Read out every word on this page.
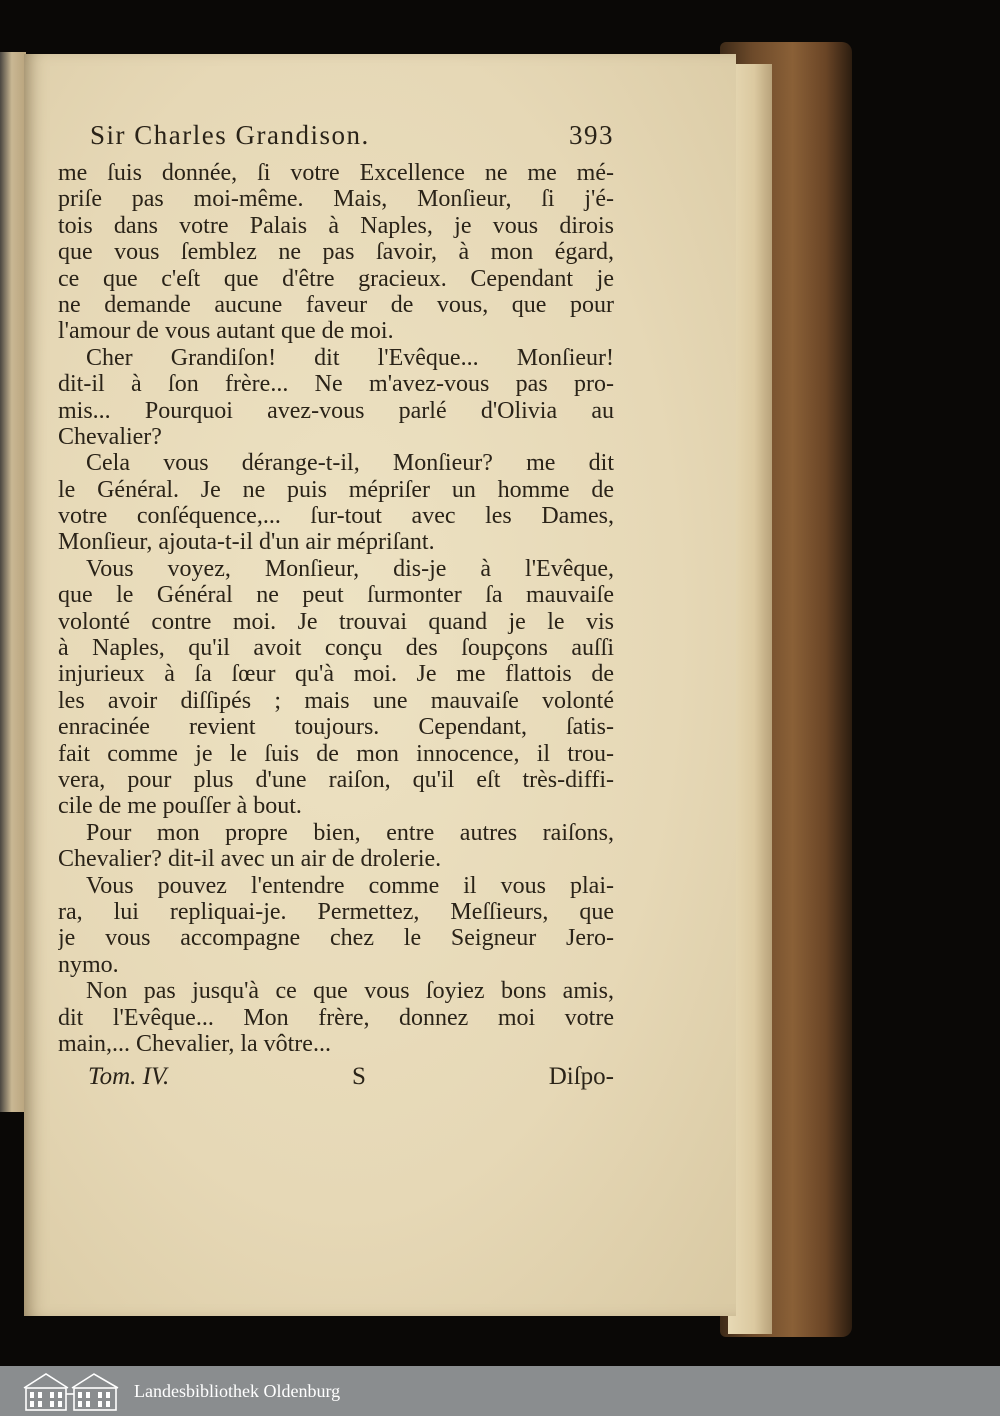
Sir Charles Grandison.	393
me ſuis donnée, ſi votre Excellence ne me mé-
priſe pas moi-même. Mais, Monſieur, ſi j'é-
tois dans votre Palais à Naples, je vous dirois
que vous ſemblez ne pas ſavoir, à mon égard,
ce que c'eſt que d'être gracieux. Cependant je
ne demande aucune faveur de vous, que pour
l'amour de vous autant que de moi.
Cher Grandiſon! dit l'Evêque... Monſieur!
dit-il à ſon frère... Ne m'avez-vous pas pro-
mis... Pourquoi avez-vous parlé d'Olivia au
Chevalier?
Cela vous dérange-t-il, Monſieur? me dit
le Général. Je ne puis mépriſer un homme de
votre conſéquence,... ſur-tout avec les Dames,
Monſieur, ajouta-t-il d'un air mépriſant.
Vous voyez, Monſieur, dis-je à l'Evêque,
que le Général ne peut ſurmonter ſa mauvaiſe
volonté contre moi. Je trouvai quand je le vis
à Naples, qu'il avoit conçu des ſoupçons auſſi
injurieux à ſa ſœur qu'à moi. Je me flattois de
les avoir diſſipés ; mais une mauvaiſe volonté
enracinée revient toujours. Cependant, ſatis-
fait comme je le ſuis de mon innocence, il trou-
vera, pour plus d'une raiſon, qu'il eſt très-diffi-
cile de me pouſſer à bout.
Pour mon propre bien, entre autres raiſons,
Chevalier? dit-il avec un air de drolerie.
Vous pouvez l'entendre comme il vous plai-
ra, lui repliquai-je. Permettez, Meſſieurs, que
je vous accompagne chez le Seigneur Jero-
nymo.
Non pas jusqu'à ce que vous ſoyiez bons amis,
dit l'Evêque... Mon frère, donnez moi votre
main,... Chevalier, la vôtre...
Tom. IV.	S	Diſpo-
Landesbibliothek Oldenburg
